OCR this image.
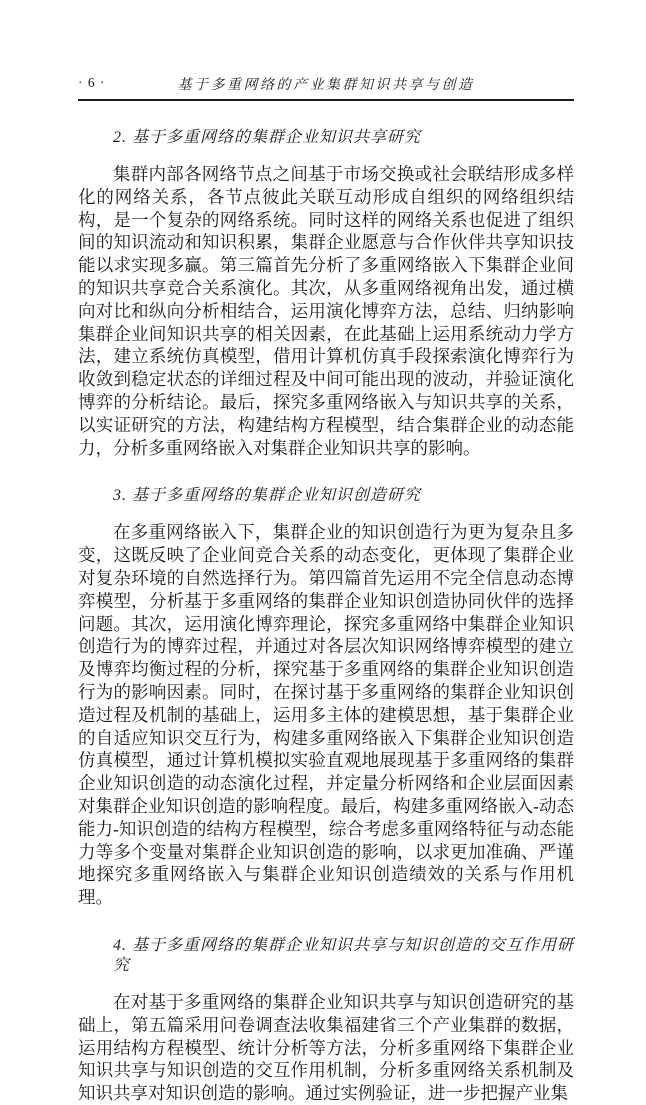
· 6 ·	基于多重网络的产业集群知识共享与创造
2. 基于多重网络的集群企业知识共享研究

集群内部各网络节点之间基于市场交换或社会联结形成多样化的网络关系，各节点彼此关联互动形成自组织的网络组织结构，是一个复杂的网络系统。同时这样的网络关系也促进了组织间的知识流动和知识积累，集群企业愿意与合作伙伴共享知识技能以求实现多赢。第三篇首先分析了多重网络嵌入下集群企业间的知识共享竞合关系演化。其次，从多重网络视角出发，通过横向对比和纵向分析相结合，运用演化博弈方法，总结、归纳影响集群企业间知识共享的相关因素，在此基础上运用系统动力学方法，建立系统仿真模型，借用计算机仿真手段探索演化博弈行为收敛到稳定状态的详细过程及中间可能出现的波动，并验证演化博弈的分析结论。最后，探究多重网络嵌入与知识共享的关系，以实证研究的方法，构建结构方程模型，结合集群企业的动态能力，分析多重网络嵌入对集群企业知识共享的影响。

3. 基于多重网络的集群企业知识创造研究

在多重网络嵌入下，集群企业的知识创造行为更为复杂且多变，这既反映了企业间竞合关系的动态变化，更体现了集群企业对复杂环境的自然选择行为。第四篇首先运用不完全信息动态博弈模型，分析基于多重网络的集群企业知识创造协同伙伴的选择问题。其次，运用演化博弈理论，探究多重网络中集群企业知识创造行为的博弈过程，并通过对各层次知识网络博弈模型的建立及博弈均衡过程的分析，探究基于多重网络的集群企业知识创造行为的影响因素。同时，在探讨基于多重网络的集群企业知识创造过程及机制的基础上，运用多主体的建模思想，基于集群企业的自适应知识交互行为，构建多重网络嵌入下集群企业知识创造仿真模型，通过计算机模拟实验直观地展现基于多重网络的集群企业知识创造的动态演化过程，并定量分析网络和企业层面因素对集群企业知识创造的影响程度。最后，构建多重网络嵌入-动态能力-知识创造的结构方程模型，综合考虑多重网络特征与动态能力等多个变量对集群企业知识创造的影响，以求更加准确、严谨地探究多重网络嵌入与集群企业知识创造绩效的关系与作用机理。

4. 基于多重网络的集群企业知识共享与知识创造的交互作用研究

在对基于多重网络的集群企业知识共享与知识创造研究的基础上，第五篇采用问卷调查法收集福建省三个产业集群的数据，运用结构方程模型、统计分析等方法，分析多重网络下集群企业知识共享与知识创造的交互作用机制，分析多重网络关系机制及知识共享对知识创造的影响。通过实例验证，进一步把握产业集
